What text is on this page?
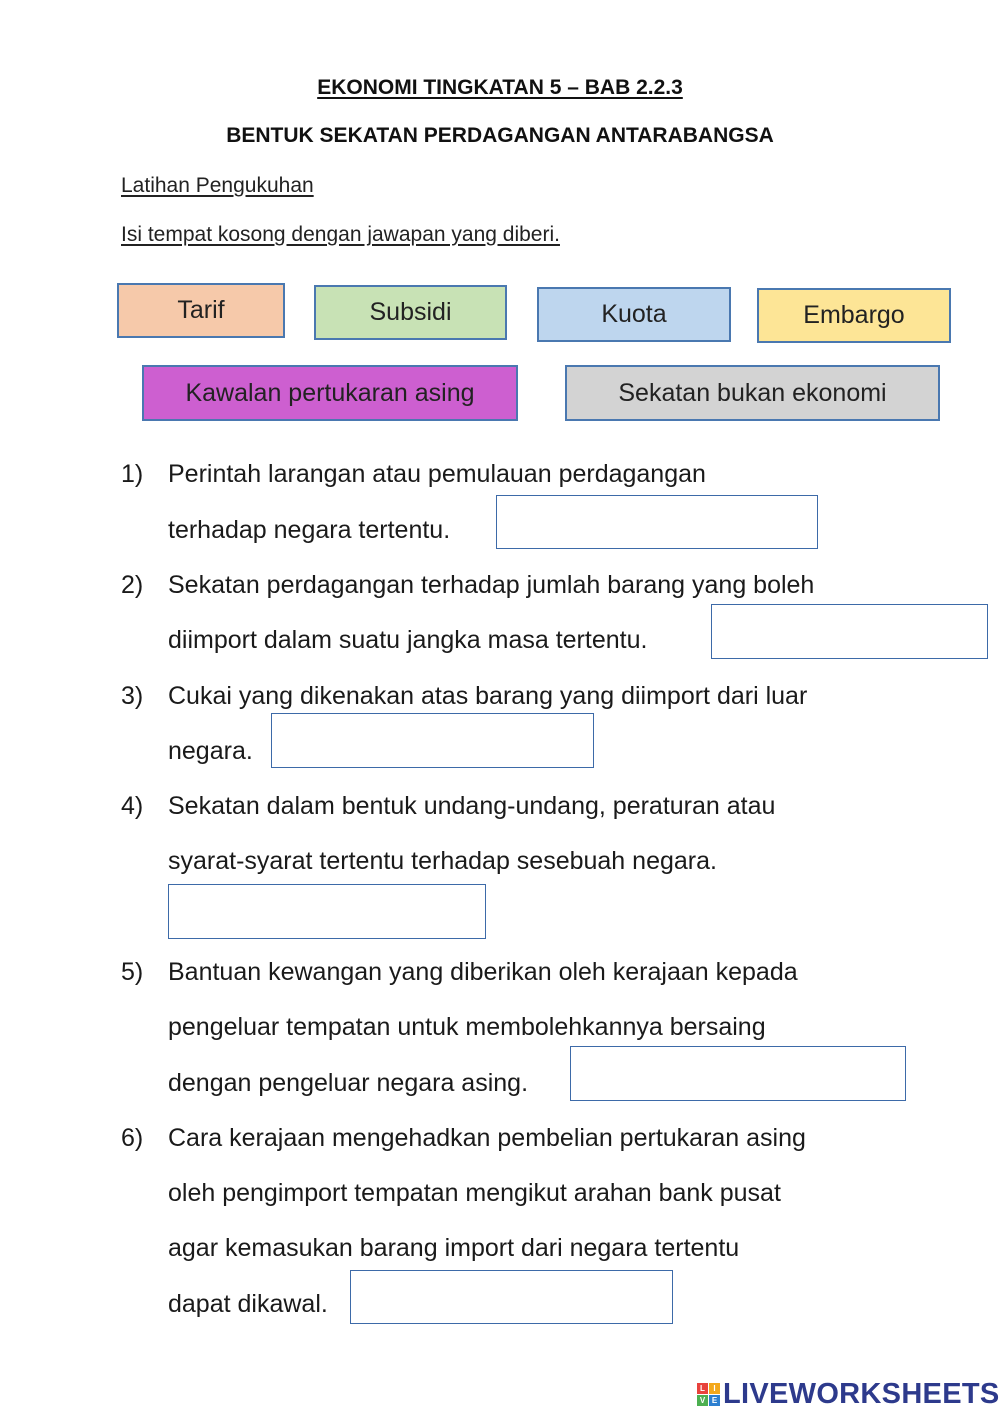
EKONOMI TINGKATAN 5 – BAB 2.2.3
BENTUK SEKATAN PERDAGANGAN ANTARABANGSA

Latihan Pengukuhan

Isi tempat kosong dengan jawapan yang diberi.

Tarif	Subsidi	Kuota	Embargo
Kawalan pertukaran asing	Sekatan bukan ekonomi
1) Perintah larangan atau pemulauan perdagangan

terhadap negara tertentu.

2) Sekatan perdagangan terhadap jumlah barang yang boleh

diimport dalam suatu jangka masa tertentu.

3) Cukai yang dikenakan atas barang yang diimport dari luar

negara.

4) Sekatan dalam bentuk undang-undang, peraturan atau

syarat-syarat tertentu terhadap sesebuah negara.

5) Bantuan kewangan yang diberikan oleh kerajaan kepada

pengeluar tempatan untuk membolehkannya bersaing

dengan pengeluar negara asing.

6) Cara kerajaan mengehadkan pembelian pertukaran asing

oleh pengimport tempatan mengikut arahan bank pusat

agar kemasukan barang import dari negara tertentu

dapat dikawal.

L	I
V E LIVEWORKSHEETS
